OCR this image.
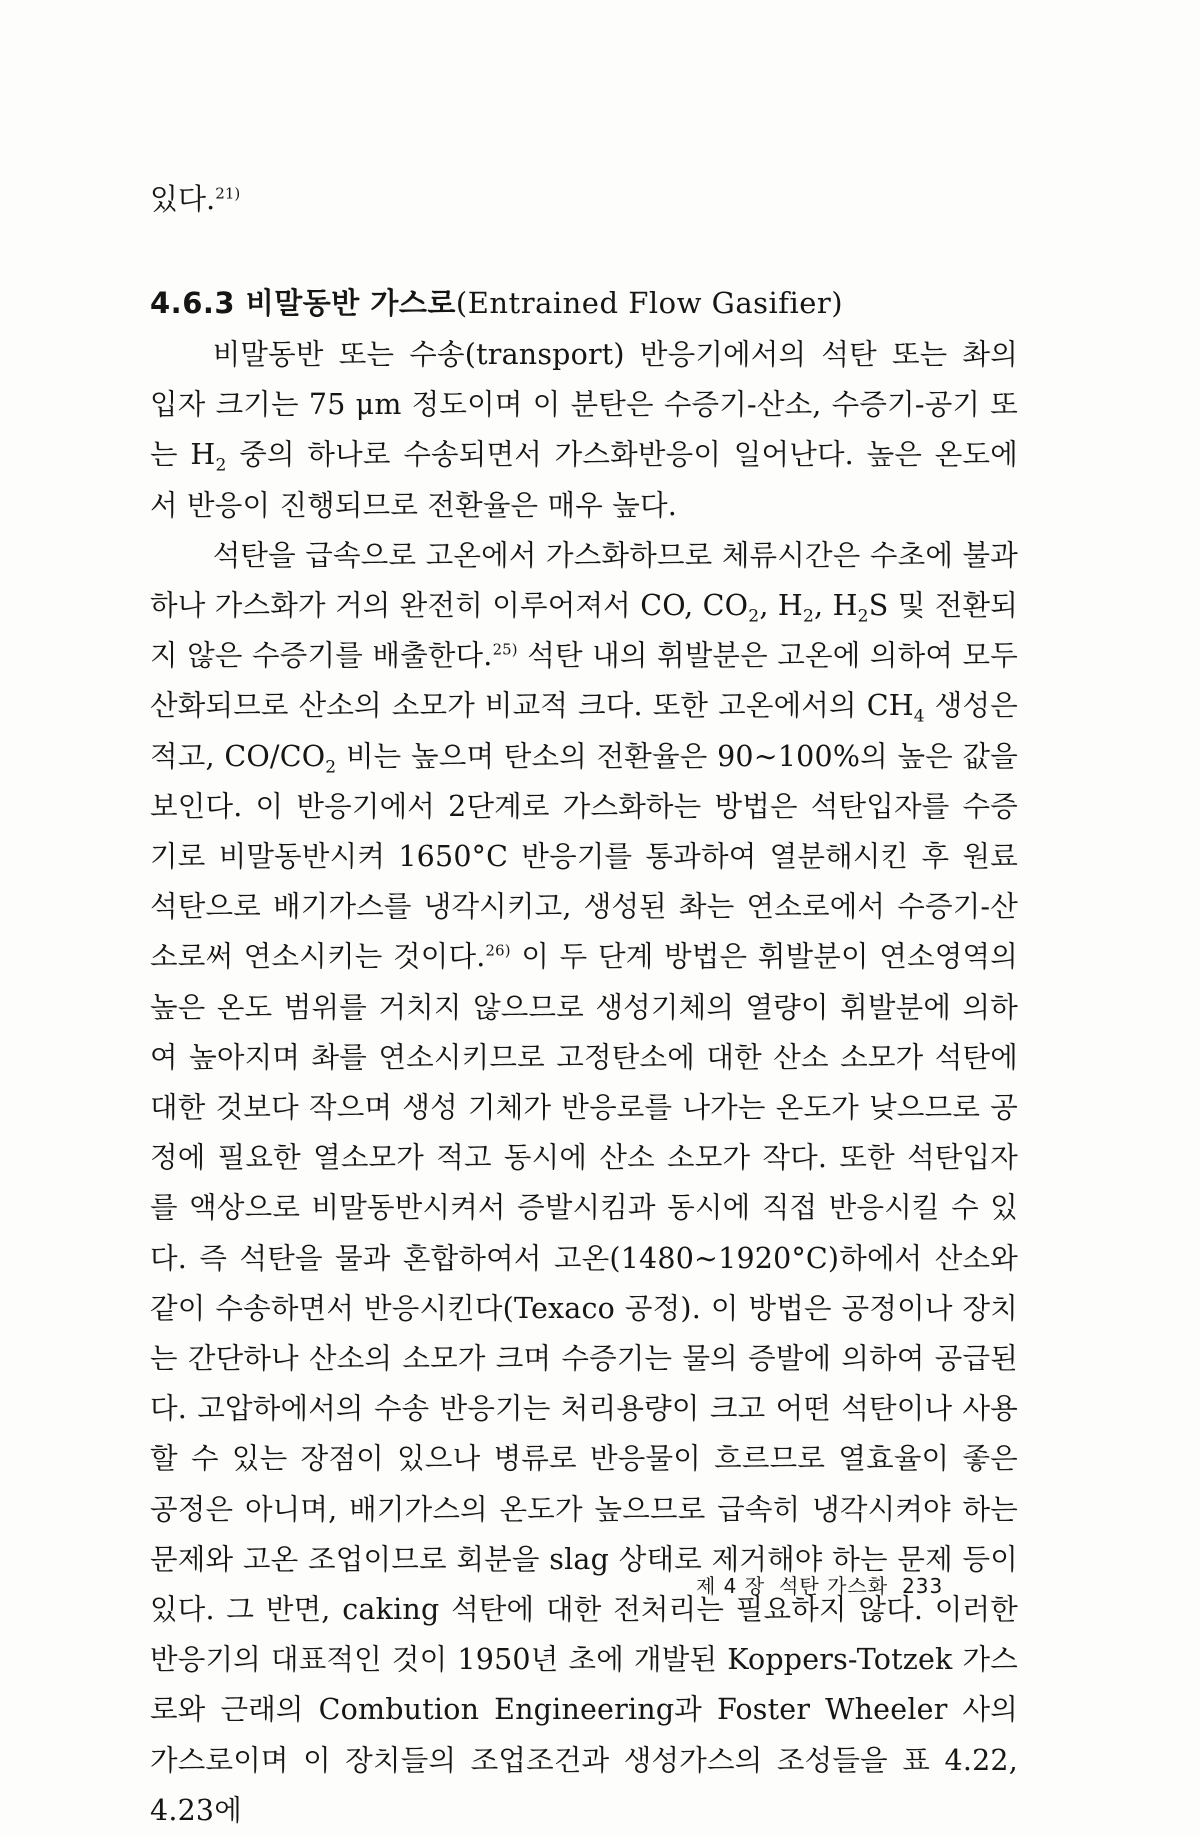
있다.$^{21)}$

4.6.3 비말동반 가스로(Entrained Flow Gasifier)

비말동반 또는 수송(transport) 반응기에서의 석탄 또는 촤의 입자 크기는 75 μm 정도이며 이 분탄은 수증기-산소, 수증기-공기 또는 $H_2$ 중의 하나로 수송되면서 가스화반응이 일어난다. 높은 온도에서 반응이 진행되므로 전환율은 매우 높다.

석탄을 급속으로 고온에서 가스화하므로 체류시간은 수초에 불과하나 가스화가 거의 완전히 이루어져서 CO, $CO_2$, $H_2$, $H_2S$ 및 전환되지 않은 수증기를 배출한다.$^{25)}$ 석탄 내의 휘발분은 고온에 의하여 모두 산화되므로 산소의 소모가 비교적 크다. 또한 고온에서의 $CH_4$ 생성은 적고, $CO/CO_2$ 비는 높으며 탄소의 전환율은 90∼100%의 높은 값을 보인다. 이 반응기에서 2단계로 가스화하는 방법은 석탄입자를 수증기로 비말동반시켜 1650°C 반응기를 통과하여 열분해시킨 후 원료 석탄으로 배기가스를 냉각시키고, 생성된 촤는 연소로에서 수증기-산소로써 연소시키는 것이다.$^{26)}$ 이 두 단계 방법은 휘발분이 연소영역의 높은 온도 범위를 거치지 않으므로 생성기체의 열량이 휘발분에 의하여 높아지며 촤를 연소시키므로 고정탄소에 대한 산소 소모가 석탄에 대한 것보다 작으며 생성 기체가 반응로를 나가는 온도가 낮으므로 공정에 필요한 열소모가 적고 동시에 산소 소모가 작다. 또한 석탄입자를 액상으로 비말동반시켜서 증발시킴과 동시에 직접 반응시킬 수 있다. 즉 석탄을 물과 혼합하여서 고온(1480∼1920°C)하에서 산소와 같이 수송하면서 반응시킨다(Texaco 공정). 이 방법은 공정이나 장치는 간단하나 산소의 소모가 크며 수증기는 물의 증발에 의하여 공급된다. 고압하에서의 수송 반응기는 처리용량이 크고 어떤 석탄이나 사용할 수 있는 장점이 있으나 병류로 반응물이 흐르므로 열효율이 좋은 공정은 아니며, 배기가스의 온도가 높으므로 급속히 냉각시켜야 하는 문제와 고온 조업이므로 회분을 slag 상태로 제거해야 하는 문제 등이 있다. 그 반면, caking 석탄에 대한 전처리는 필요하지 않다. 이러한 반응기의 대표적인 것이 1950년 초에 개발된 Koppers-Totzek 가스로와 근래의 Combution Engineering과 Foster Wheeler 사의 가스로이며 이 장치들의 조업조건과 생성가스의 조성들을 표 4.22, 4.23에

제 4 장 석탄 가스화 233
